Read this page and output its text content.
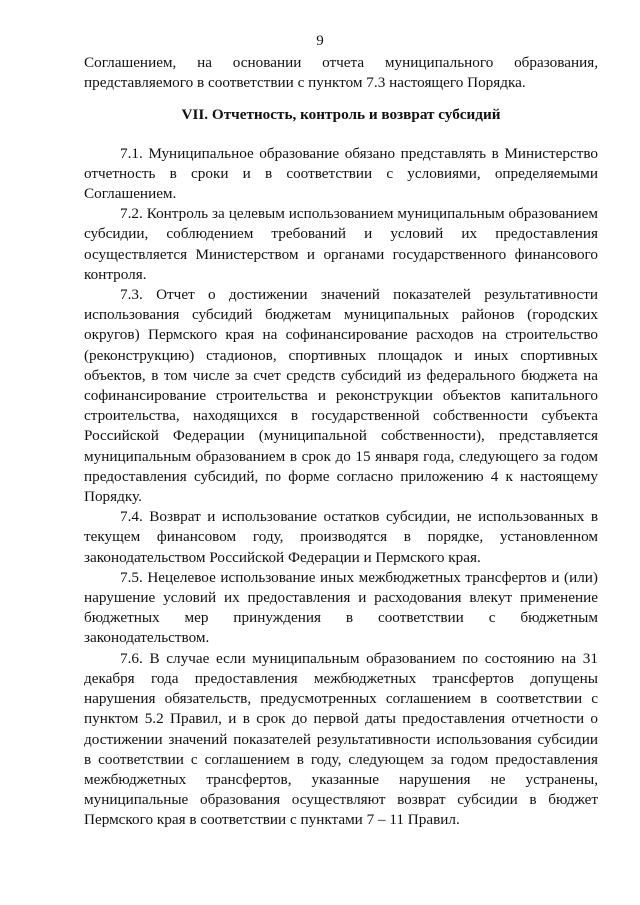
9

Соглашением, на основании отчета муниципального образования, представляемого в соответствии с пунктом 7.3 настоящего Порядка.

VII. Отчетность, контроль и возврат субсидий

7.1. Муниципальное образование обязано представлять в Министерство отчетность в сроки и в соответствии с условиями, определяемыми Соглашением.

7.2. Контроль за целевым использованием муниципальным образованием субсидии, соблюдением требований и условий их предоставления осуществляется Министерством и органами государственного финансового контроля.

7.3. Отчет о достижении значений показателей результативности использования субсидий бюджетам муниципальных районов (городских округов) Пермского края на софинансирование расходов на строительство (реконструкцию) стадионов, спортивных площадок и иных спортивных объектов, в том числе за счет средств субсидий из федерального бюджета на софинансирование строительства и реконструкции объектов капитального строительства, находящихся в государственной собственности субъекта Российской Федерации (муниципальной собственности), представляется муниципальным образованием в срок до 15 января года, следующего за годом предоставления субсидий, по форме согласно приложению 4 к настоящему Порядку.

7.4. Возврат и использование остатков субсидии, не использованных в текущем финансовом году, производятся в порядке, установленном законодательством Российской Федерации и Пермского края.

7.5. Нецелевое использование иных межбюджетных трансфертов и (или) нарушение условий их предоставления и расходования влекут применение бюджетных мер принуждения в соответствии с бюджетным законодательством.

7.6. В случае если муниципальным образованием по состоянию на 31 декабря года предоставления межбюджетных трансфертов допущены нарушения обязательств, предусмотренных соглашением в соответствии с пунктом 5.2 Правил, и в срок до первой даты предоставления отчетности о достижении значений показателей результативности использования субсидии в соответствии с соглашением в году, следующем за годом предоставления межбюджетных трансфертов, указанные нарушения не устранены, муниципальные образования осуществляют возврат субсидии в бюджет Пермского края в соответствии с пунктами 7 – 11 Правил.
